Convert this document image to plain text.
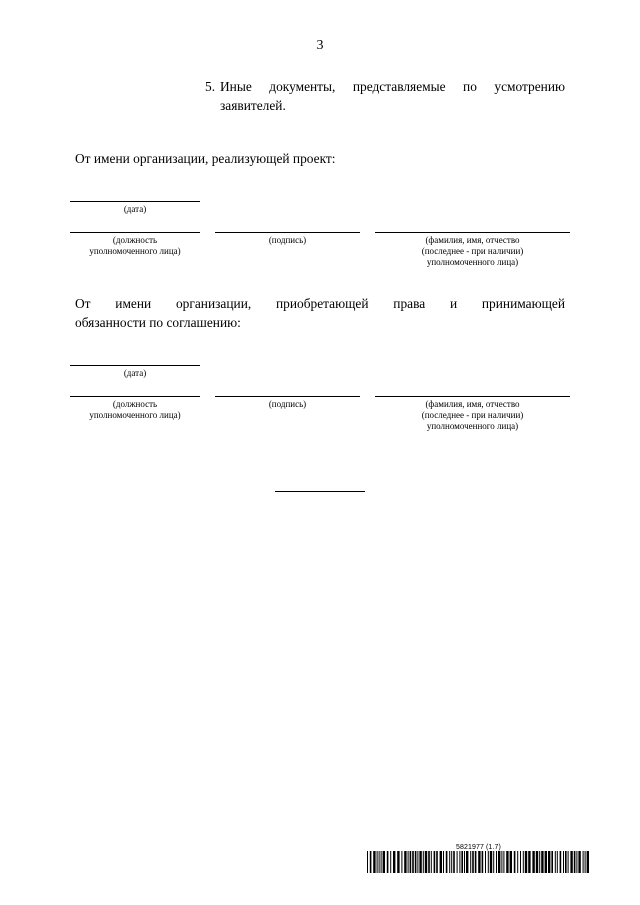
3
5. Иные документы, представляемые по усмотрению
заявителей.
От имени организации, реализующей проект:
(дата)
(должность
уполномоченного лица)
(подпись)	(фамилия, имя, отчество
(последнее - при наличии)
уполномоченного лица)
От имени организации, приобретающей права и принимающей
обязанности по соглашению:
(дата)
(должность
уполномоченного лица)
(подпись)	(фамилия, имя, отчество
(последнее - при наличии)
уполномоченного лица)
5821977 (1.7)
